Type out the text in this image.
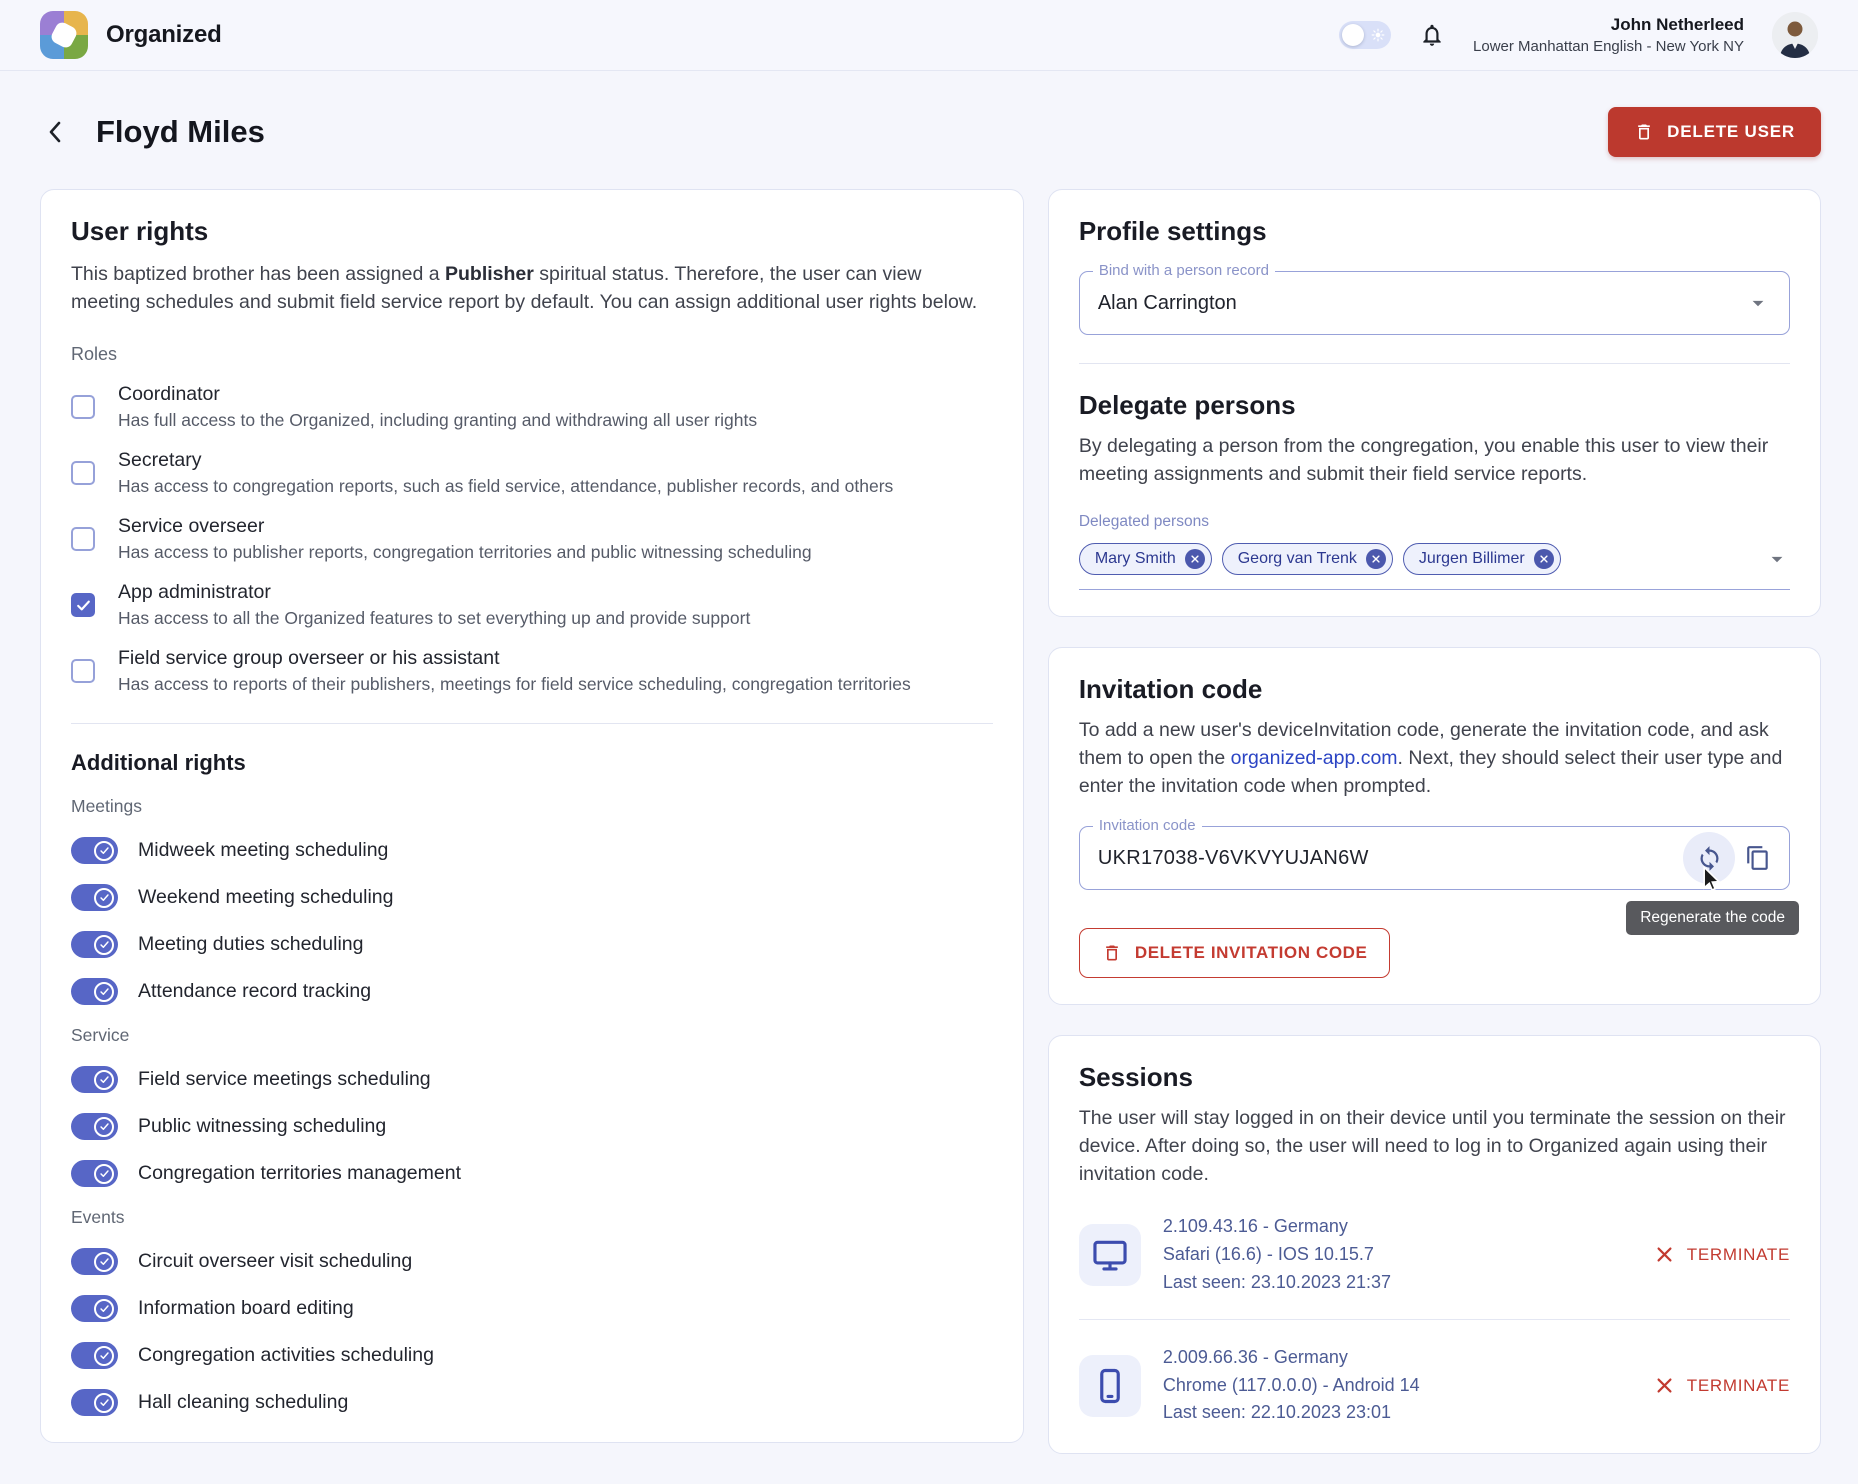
Organized	John Netherleed
Lower Manhattan English - New York NY
Floyd Miles	DELETE USER
User rights

This baptized brother has been assigned a Publisher spiritual status. Therefore, the user can view meeting schedules and submit field service report by default. You can assign additional user rights below.

Roles
Coordinator
Has full access to the Organized, including granting and withdrawing all user rights
Secretary
Has access to congregation reports, such as field service, attendance, publisher records, and others
Service overseer
Has access to publisher reports, congregation territories and public witnessing scheduling
App administrator
Has access to all the Organized features to set everything up and provide support
Field service group overseer or his assistant
Has access to reports of their publishers, meetings for field service scheduling, congregation territories
Additional rights
Meetings
Midweek meeting scheduling
Weekend meeting scheduling
Meeting duties scheduling
Attendance record tracking
Service
Field service meetings scheduling
Public witnessing scheduling
Congregation territories management
Events
Circuit overseer visit scheduling
Information board editing
Congregation activities scheduling
Hall cleaning scheduling
Profile settings
Bind with a person record
Alan Carrington
Delegate persons

By delegating a person from the congregation, you enable this user to view their meeting assignments and submit their field service reports.

Delegated persons
Mary Smith	Georg van Trenk	Jurgen Billimer
Invitation code

To add a new user's deviceInvitation code, generate the invitation code, and ask them to open the organized-app.com. Next, they should select their user type and enter the invitation code when prompted.

Invitation code
UKR17038-V6VKVYUJAN6W
Regenerate the code
DELETE INVITATION CODE
Sessions

The user will stay logged in on their device until you terminate the session on their device. After doing so, the user will need to log in to Organized again using their invitation code.

2.109.43.16 - Germany
Safari (16.6) - IOS 10.15.7
Last seen: 23.10.2023 21:37
TERMINATE
2.009.66.36 - Germany
Chrome (117.0.0.0) - Android 14
Last seen: 22.10.2023 23:01
TERMINATE
